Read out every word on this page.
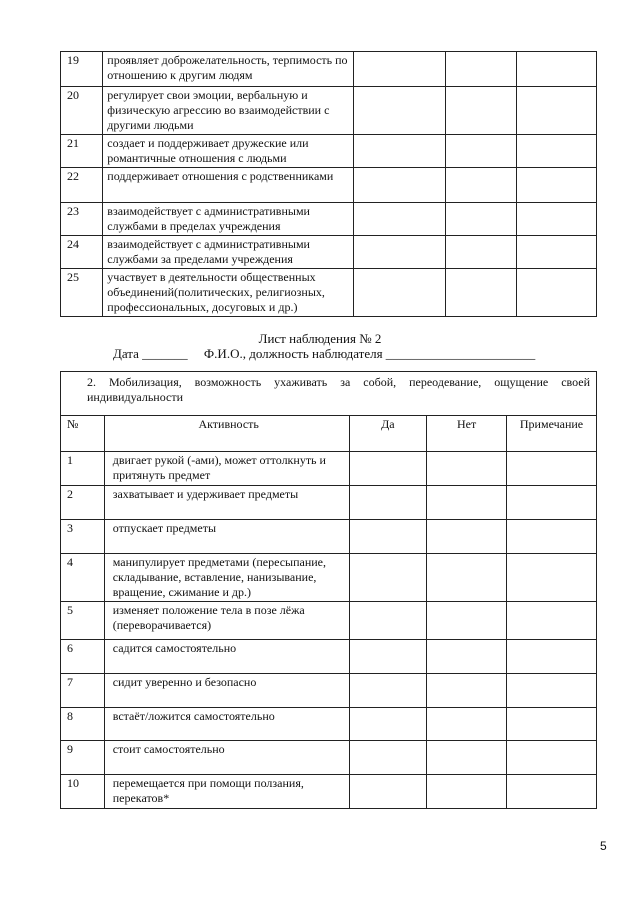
19	проявляет доброжелательность, терпимость по отношению к другим людям			
20	регулирует свои эмоции, вербальную и физическую агрессию во взаимодействии с другими людьми			
21	создает и поддерживает дружеские или романтичные отношения с людьми			
22	поддерживает отношения с родственниками			
23	взаимодействует с административными службами в пределах учреждения			
24	взаимодействует с административными службами за пределами учреждения			
25	участвует в деятельности общественных объединений(политических, религиозных, профессиональных, досуговых и др.)			
Лист наблюдения № 2
Дата _______     Ф.И.О., должность наблюдателя _______________________
2. Мобилизация, возможность ухаживать за собой, переодевание, ощущение своей индивидуальности				
№	Активность	Да	Нет	Примечание
1	двигает рукой (-ами), может оттолкнуть и притянуть предмет			
2	захватывает и удерживает предметы			
3	отпускает предметы			
4	манипулирует предметами (пересыпание, складывание, вставление, нанизывание, вращение, сжимание и др.)			
5	изменяет положение тела в позе лёжа (переворачивается)			
6	садится самостоятельно			
7	сидит уверенно и безопасно			
8	встаёт/ложится самостоятельно			
9	стоит самостоятельно			
10	перемещается при помощи ползания, перекатов*			
5
